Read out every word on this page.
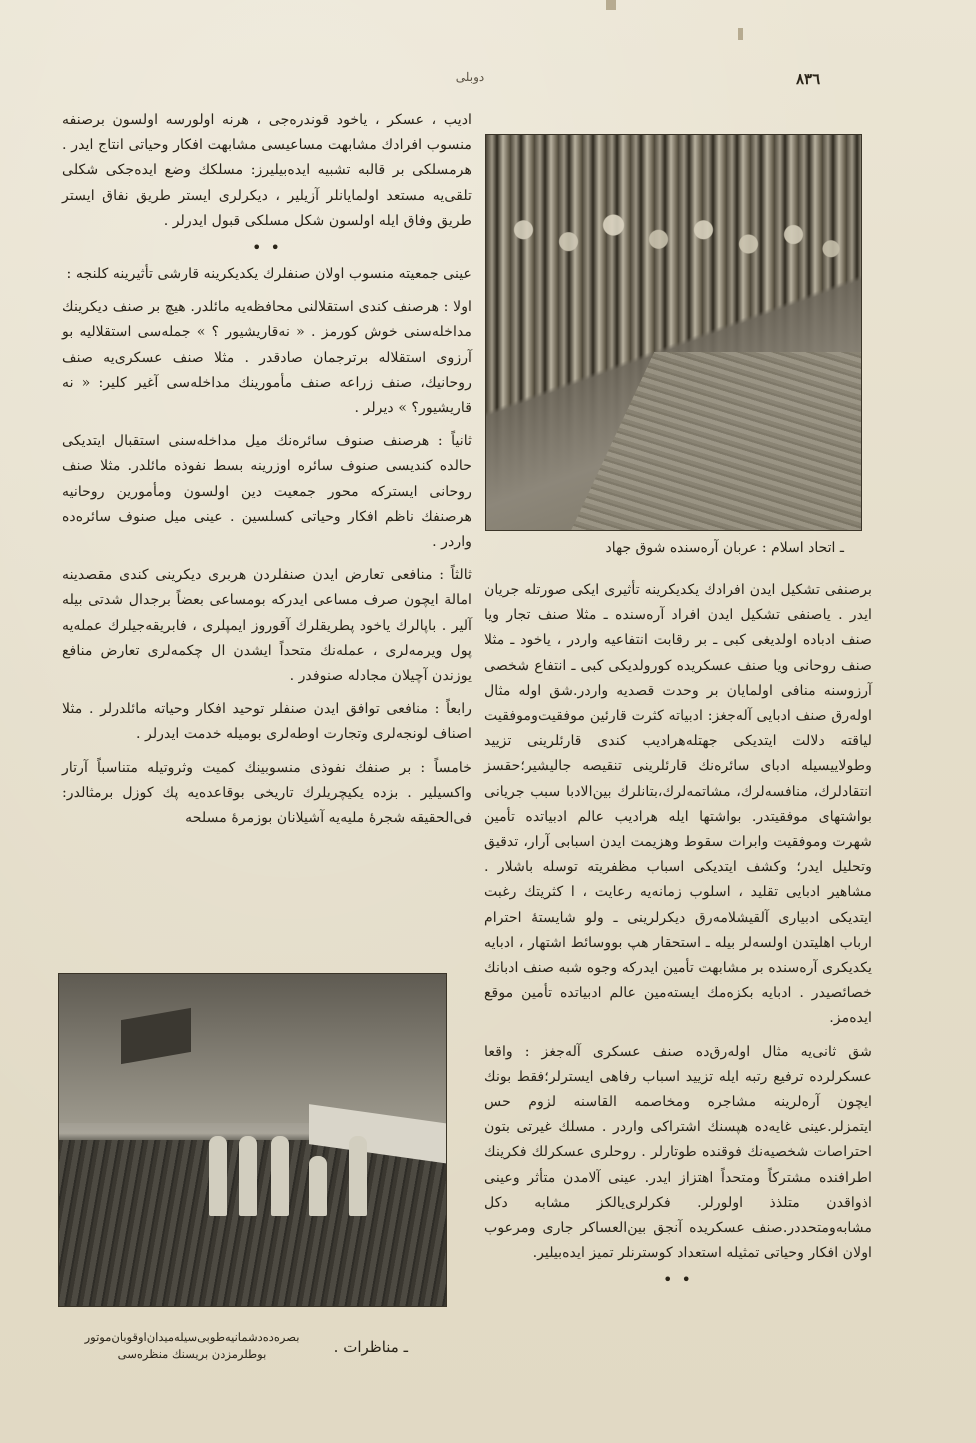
٨٣٦
دوبلی

ادیب ، عسکر ، یاخود قوندره‌جی ، هرنه اولورسه اولسون برصنفه منسوب افرادك مشابهت مساعیسی مشابهت افکار وحیاتی انتاج ایدر . هرمسلکی بر قالبه تشبیه ایده‌بیلیرز: مسلکك وضع ایده‌جکی شکلی تلقی‌یه مستعد اولمایانلر آزیلیر ، دیکرلری ایستر طریق نفاق ایستر طریق وفاق ایله اولسون شکل مسلکی قبول ایدرلر .

• •

عینی جمعیته منسوب اولان صنفلرك یکدیکرینه قارشی تأثیرینه کلنجه :

اولا : هرصنف کندی استقلالنی محافظه‌یه مائلدر. هیچ بر صنف دیکرینك مداخله‌سنی خوش کورمز . « نه‌قاریشیور ؟ » جمله‌سی استقلالیه بو آرزوی استقلاله برترجمان صادقدر . مثلا صنف عسکری‌یه صنف روحانیك، صنف زراعه صنف مأمورینك مداخله‌سی آغیر کلیر: « نه قاریشیور؟ » دیرلر .

ثانیاً : هرصنف صنوف سائره‌نك میل مداخله‌سنی استقبال ایتدیکی حالده کندیسی صنوف سائره اوزرینه بسط نفوذه مائلدر. مثلا صنف روحانی ایسترکه محور جمعیت دین اولسون ومأمورین روحانیه هرصنفك ناظم افکار وحیاتی کسلسین . عینی میل صنوف سائره‌ده واردر .

ثالثاً : منافعی تعارض ایدن صنفلردن هربری دیکرینی کندی مقصدینه امالة ایچون صرف مساعی ایدرکه بومساعی بعضاً برجدال شدتی بیله آلیر . باپالرك یاخود پطریقلرك آقوروز ایمپلری ، فابریقه‌جیلرك عمله‌یه پول ویرمه‌لری ، عمله‌نك متحداً ایشدن ال چکمه‌لری تعارض منافع یوزندن آچیلان مجادله صنوفدر .

رابعاً : منافعی توافق ایدن صنفلر توحید افکار وحیاته مائلدرلر . مثلا اصناف لونجه‌لری وتجارت اوطه‌لری بومیله خدمت ایدرلر .

خامساً : بر صنفك نفوذی منسوبینك کمیت وثروتیله متناسباً آرتار واکسیلیر . بزده یکیچریلرك تاریخی بوقاعده‌یه پك کوزل برمثالدر: فی‌الحقیقه شجرهٔ ملیه‌یه آشیلانان بوزمرهٔ مسلحه

ـ اتحاد اسلام : عربان آره‌سنده شوق جهاد

برصنفی تشکیل ایدن افرادك یکدیکرینه تأثیری ایکی صورتله جریان ایدر . یاصنفی تشکیل ایدن افراد آره‌سنده ـ مثلا صنف تجار ویا صنف ادباده اولدیغی کبی ـ بر رقابت انتفاعیه واردر ، یاخود ـ مثلا صنف روحانی ویا صنف عسکریده کورولدیکی کبی ـ انتفاع شخصی آرزوسنه منافی اولمایان بر وحدت قصدیه واردر.شق اوله مثال اوله‌رق صنف ادبایی آله‌جغز: ادبیاته کثرت قارئین موفقیت‌وموفقیت لیاقته دلالت ایتدیکی جهتله‌هرادیب کندی قارئلرینی تزیید وطولاییسیله ادبای سائره‌نك قارئلرینی تنقیصه جالیشیر؛حقسز انتقادلرك، منافسه‌لرك، مشاتمه‌لرك،بتانلرك بین‌الادبا سبب جریانی بواشتهای موفقیتدر. بواشتها ایله هرادیب عالم ادبیاتده تأمین شهرت وموفقیت وابرات سقوط وهزیمت ایدن اسبابی آرار، تدقیق وتحلیل ایدر؛ وکشف ایتدیکی اسباب مظفریته توسله باشلار . مشاهیر ادبایی تقلید ، اسلوب زمانه‌یه رعایت ، ا کثریتك رغبت ایتدیکی ادبیاری آلقیشلامه‌رق دیکرلرینی ـ ولو شایستهٔ احترام ارباب اهلیتدن اولسه‌لر بیله ـ استحقار هپ بووسائط اشتهار ، ادبایه یکدیکری آره‌سنده بر مشابهت تأمین ایدرکه وجوه شبه صنف ادبانك خصائصیدر . ادبایه بکزه‌مك ایسته‌مین عالم ادبیاتده تأمین موقع ایده‌مز.

شق ثانی‌یه مثال اوله‌رق‌ده صنف عسکری آله‌جغز : واقعا عسکرلرده ترفیع رتبه ایله تزیید اسباب رفاهی ایسترلر؛فقط بونك ایچون آره‌لرینه مشاجره ومخاصمه القاسنه لزوم حس ایتمزلر.عینی غایه‌ده هپسنك اشتراکی واردر . مسلك غیرتی بتون احتراصات شخصیه‌نك فوقنده طوتارلر . روحلری عسکرلك فکرینك اطرافنده مشترکاً ومتحداً اهتزاز ایدر. عینی آلامدن متأثر وعینی اذواقدن متلذذ اولورلر. فکرلری‌یالکز مشابه دکل مشابه‌ومتحددر.صنف عسکریده آنجق بین‌العساکر جاری ومرعوب اولان افکار وحیاتی تمثیله استعداد کوسترنلر تمیز ایده‌بیلیر.

• •
ـ مناظرات .
بصره‌ده‌دشمانیه‌طوبی‌سیله‌میدان‌اوقوبان‌موتور بوطلرمزدن بریسنك منظره‌سی
